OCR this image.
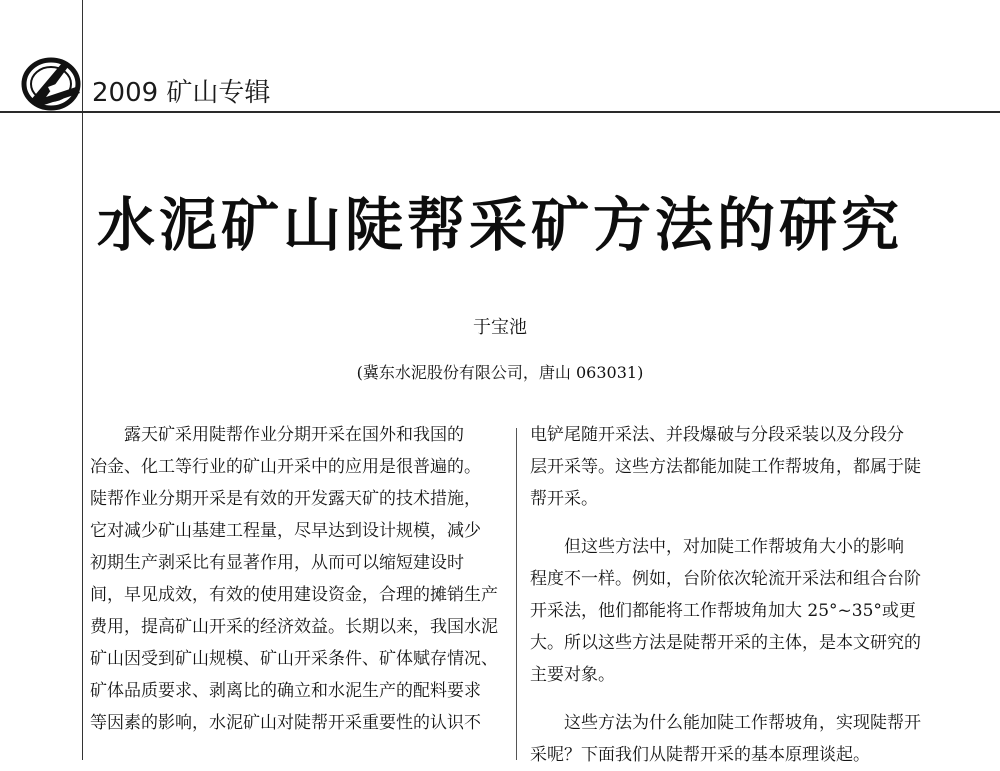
2009 矿山专辑
水泥矿山陡帮采矿方法的研究
于宝池
(冀东水泥股份有限公司，唐山 063031)
露天矿采用陡帮作业分期开采在国外和我国的
冶金、化工等行业的矿山开采中的应用是很普遍的。
陡帮作业分期开采是有效的开发露天矿的技术措施，
它对减少矿山基建工程量，尽早达到设计规模，减少
初期生产剥采比有显著作用，从而可以缩短建设时
间，早见成效，有效的使用建设资金，合理的摊销生产
费用，提高矿山开采的经济效益。长期以来，我国水泥
矿山因受到矿山规模、矿山开采条件、矿体赋存情况、
矿体品质要求、剥离比的确立和水泥生产的配料要求
等因素的影响，水泥矿山对陡帮开采重要性的认识不
电铲尾随开采法、并段爆破与分段采装以及分段分
层开采等。这些方法都能加陡工作帮坡角，都属于陡
帮开采。
但这些方法中，对加陡工作帮坡角大小的影响
程度不一样。例如，台阶依次轮流开采法和组合台阶
开采法，他们都能将工作帮坡角加大 25°~35°或更
大。所以这些方法是陡帮开采的主体，是本文研究的
主要对象。
这些方法为什么能加陡工作帮坡角，实现陡帮开
采呢？下面我们从陡帮开采的基本原理谈起。
